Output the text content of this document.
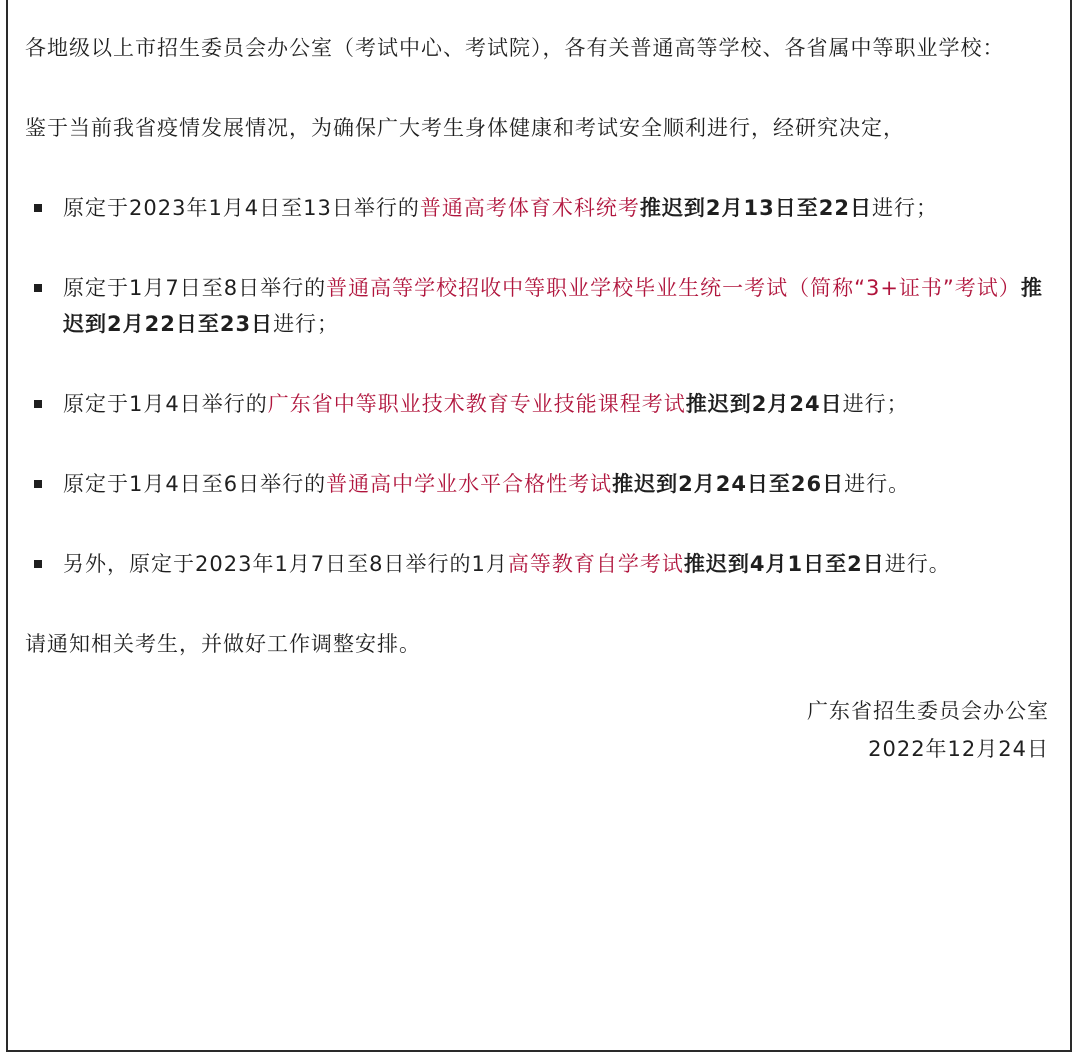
各地级以上市招生委员会办公室（考试中心、考试院），各有关普通高等学校、各省属中等职业学校：

鉴于当前我省疫情发展情况，为确保广大考生身体健康和考试安全顺利进行，经研究决定，

原定于2023年1月4日至13日举行的普通高考体育术科统考推迟到2月13日至22日进行；
原定于1月7日至8日举行的普通高等学校招收中等职业学校毕业生统一考试（简称“3+证书”考试）推迟到2月22日至23日进行；
原定于1月4日举行的广东省中等职业技术教育专业技能课程考试推迟到2月24日进行；
原定于1月4日至6日举行的普通高中学业水平合格性考试推迟到2月24日至26日进行。
另外，原定于2023年1月7日至8日举行的1月高等教育自学考试推迟到4月1日至2日进行。

请通知相关考生，并做好工作调整安排。

广东省招生委员会办公室
2022年12月24日
